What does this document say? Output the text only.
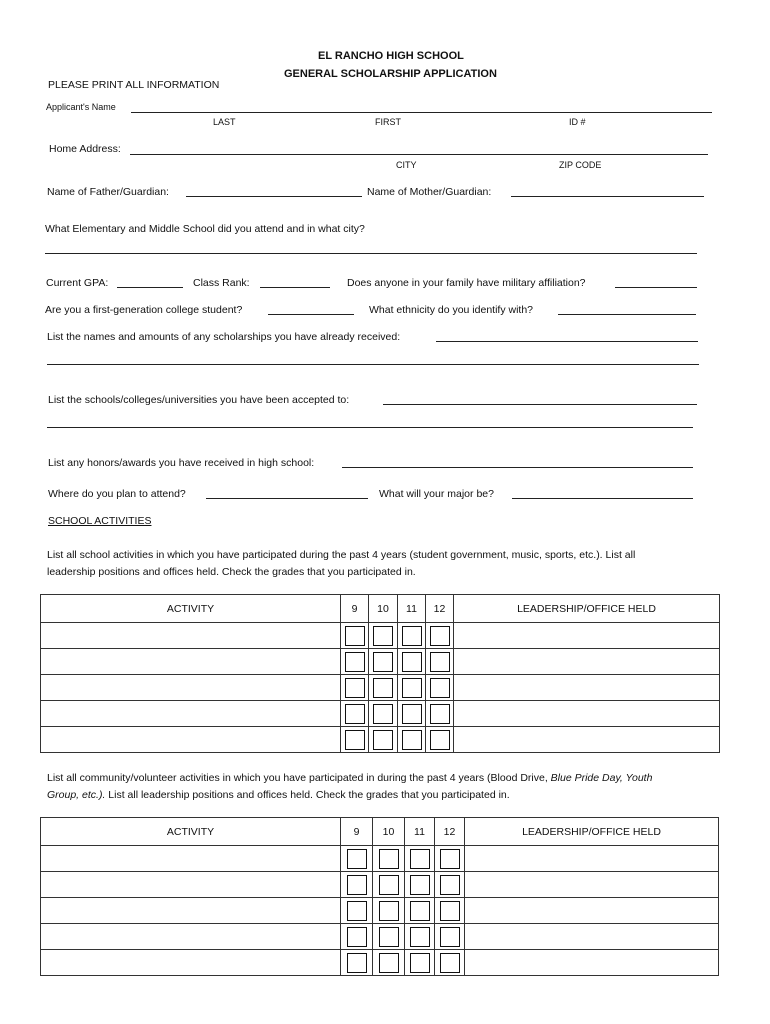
EL RANCHO HIGH SCHOOL
GENERAL SCHOLARSHIP APPLICATION
PLEASE PRINT ALL INFORMATION
Applicant's Name
LAST	FIRST	ID #
Home Address:
CITY	ZIP CODE
Name of Father/Guardian:	Name of Mother/Guardian:
What Elementary and Middle School did you attend and in what city?
Current GPA:	Class Rank:	Does anyone in your family have military affiliation?
Are you a first-generation college student?	What ethnicity do you identify with?
List the names and amounts of any scholarships you have already received:
List the schools/colleges/universities you have been accepted to:
List any honors/awards you have received in high school:
Where do you plan to attend?	What will your major be?
SCHOOL ACTIVITIES
List all school activities in which you have participated during the past 4 years (student government, music, sports, etc.). List all
leadership positions and offices held. Check the grades that you participated in.
ACTIVITY	9	10	11	12	LEADERSHIP/OFFICE HELD

List all community/volunteer activities in which you have participated in during the past 4 years (Blood Drive, Blue Pride Day, Youth
Group, etc.). List all leadership positions and offices held. Check the grades that you participated in.
ACTIVITY	9	10	11	12	LEADERSHIP/OFFICE HELD
